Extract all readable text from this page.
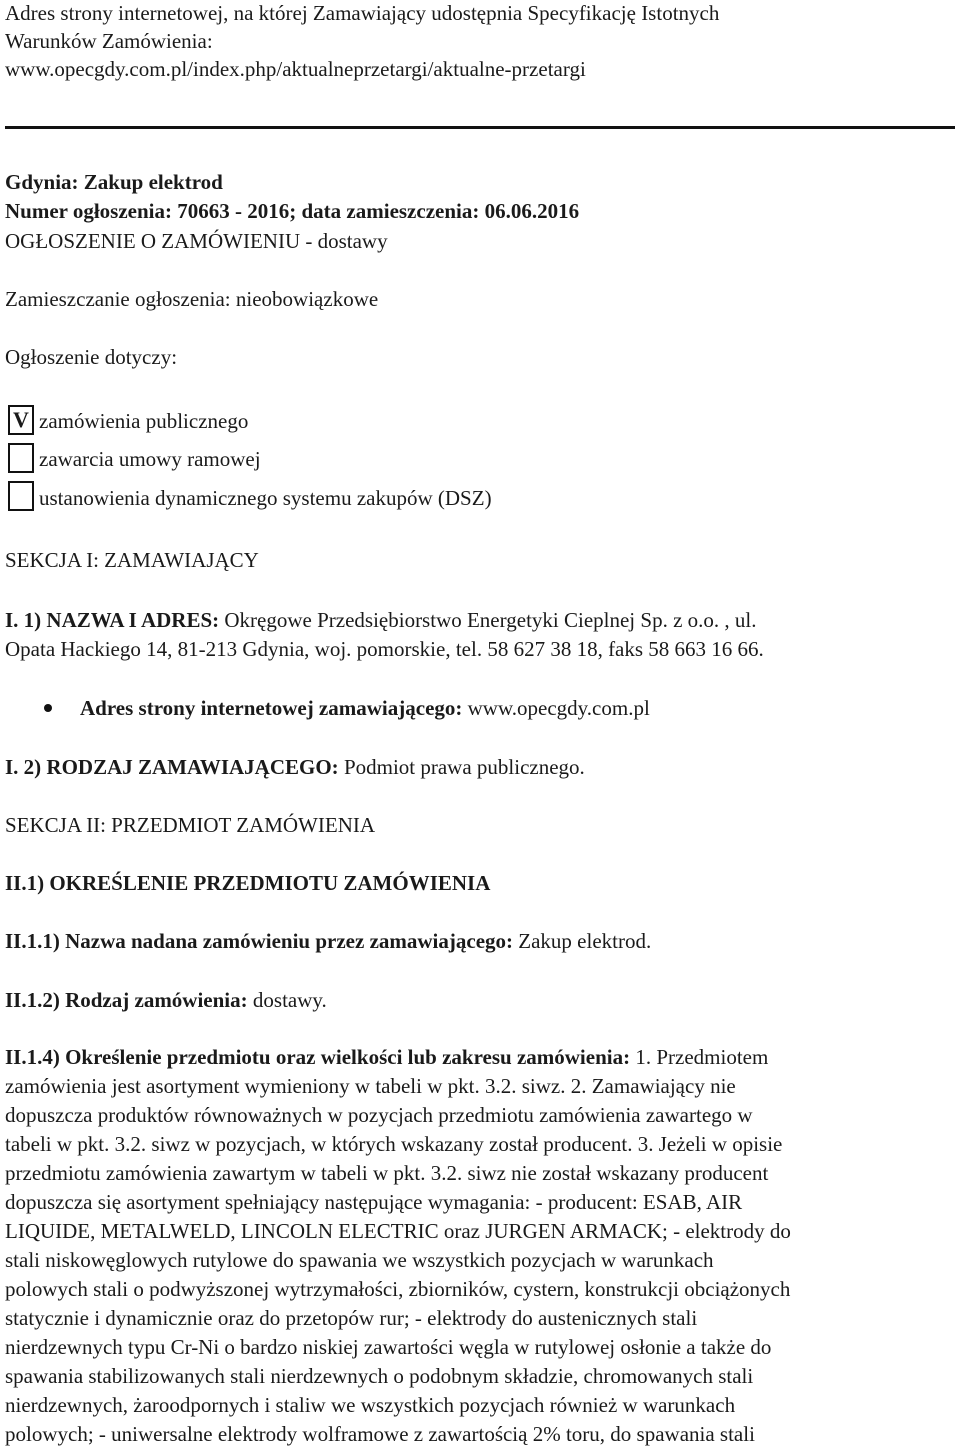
Adres strony internetowej, na której Zamawiający udostępnia Specyfikację Istotnych
Warunków Zamówienia:
www.opecgdy.com.pl/index.php/aktualneprzetargi/aktualne-przetargi
Gdynia: Zakup elektrod
Numer ogłoszenia: 70663 - 2016; data zamieszczenia: 06.06.2016
OGŁOSZENIE O ZAMÓWIENIU - dostawy
Zamieszczanie ogłoszenia: nieobowiązkowe
Ogłoszenie dotyczy:
V zamówienia publicznego
zawarcia umowy ramowej
ustanowienia dynamicznego systemu zakupów (DSZ)
SEKCJA I: ZAMAWIAJĄCY
I. 1) NAZWA I ADRES: Okręgowe Przedsiębiorstwo Energetyki Cieplnej Sp. z o.o. , ul.
Opata Hackiego 14, 81-213 Gdynia, woj. pomorskie, tel. 58 627 38 18, faks 58 663 16 66.
Adres strony internetowej zamawiającego: www.opecgdy.com.pl
I. 2) RODZAJ ZAMAWIAJĄCEGO: Podmiot prawa publicznego.
SEKCJA II: PRZEDMIOT ZAMÓWIENIA
II.1) OKREŚLENIE PRZEDMIOTU ZAMÓWIENIA
II.1.1) Nazwa nadana zamówieniu przez zamawiającego: Zakup elektrod.
II.1.2) Rodzaj zamówienia: dostawy.
II.1.4) Określenie przedmiotu oraz wielkości lub zakresu zamówienia: 1. Przedmiotem
zamówienia jest asortyment wymieniony w tabeli w pkt. 3.2. siwz. 2. Zamawiający nie
dopuszcza produktów równoważnych w pozycjach przedmiotu zamówienia zawartego w
tabeli w pkt. 3.2. siwz w pozycjach, w których wskazany został producent. 3. Jeżeli w opisie
przedmiotu zamówienia zawartym w tabeli w pkt. 3.2. siwz nie został wskazany producent
dopuszcza się asortyment spełniający następujące wymagania: - producent: ESAB, AIR
LIQUIDE, METALWELD, LINCOLN ELECTRIC oraz JURGEN ARMACK; - elektrody do
stali niskowęglowych rutylowe do spawania we wszystkich pozycjach w warunkach
polowych stali o podwyższonej wytrzymałości, zbiorników, cystern, konstrukcji obciążonych
statycznie i dynamicznie oraz do przetopów rur; - elektrody do austenicznych stali
nierdzewnych typu Cr-Ni o bardzo niskiej zawartości węgla w rutylowej osłonie a także do
spawania stabilizowanych stali nierdzewnych o podobnym składzie, chromowanych stali
nierdzewnych, żaroodpornych i staliw we wszystkich pozycjach również w warunkach
polowych; - uniwersalne elektrody wolframowe z zawartością 2% toru, do spawania stali
